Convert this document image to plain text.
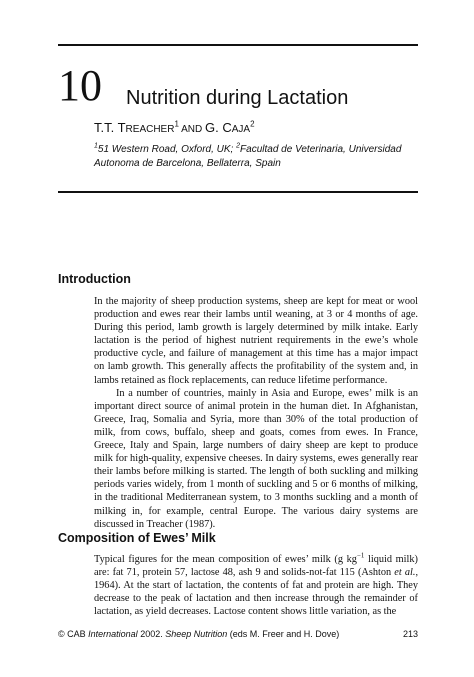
10 Nutrition during Lactation
T.T. TREACHER$^1$ AND G. CAJA$^2$
$^1$51 Western Road, Oxford, UK; $^2$Facultad de Veterinaria, Universidad Autonoma de Barcelona, Bellaterra, Spain
Introduction

In the majority of sheep production systems, sheep are kept for meat or wool production and ewes rear their lambs until weaning, at 3 or 4 months of age. During this period, lamb growth is largely determined by milk intake. Early lactation is the period of highest nutrient requirements in the ewe’s whole productive cycle, and failure of management at this time has a major impact on lamb growth. This generally affects the profitability of the system and, in lambs retained as flock replacements, can reduce lifetime performance.

In a number of countries, mainly in Asia and Europe, ewes’ milk is an important direct source of animal protein in the human diet. In Afghanistan, Greece, Iraq, Somalia and Syria, more than 30% of the total production of milk, from cows, buffalo, sheep and goats, comes from ewes. In France, Greece, Italy and Spain, large numbers of dairy sheep are kept to produce milk for high-quality, expensive cheeses. In dairy systems, ewes generally rear their lambs before milking is started. The length of both suckling and milking periods varies widely, from 1 month of suckling and 5 or 6 months of milking, in the traditional Mediterranean system, to 3 months suckling and a month of milking in, for example, central Europe. The various dairy systems are discussed in Treacher (1987).

Composition of Ewes’ Milk

Typical figures for the mean composition of ewes’ milk (g $kg^{-1}$ liquid milk) are: fat 71, protein 57, lactose 48, ash 9 and solids-not-fat 115 (Ashton et al., 1964). At the start of lactation, the contents of fat and protein are high. They decrease to the peak of lactation and then increase through the remainder of lactation, as yield decreases. Lactose content shows little variation, as the

© CAB International 2002. Sheep Nutrition (eds M. Freer and H. Dove)	213
